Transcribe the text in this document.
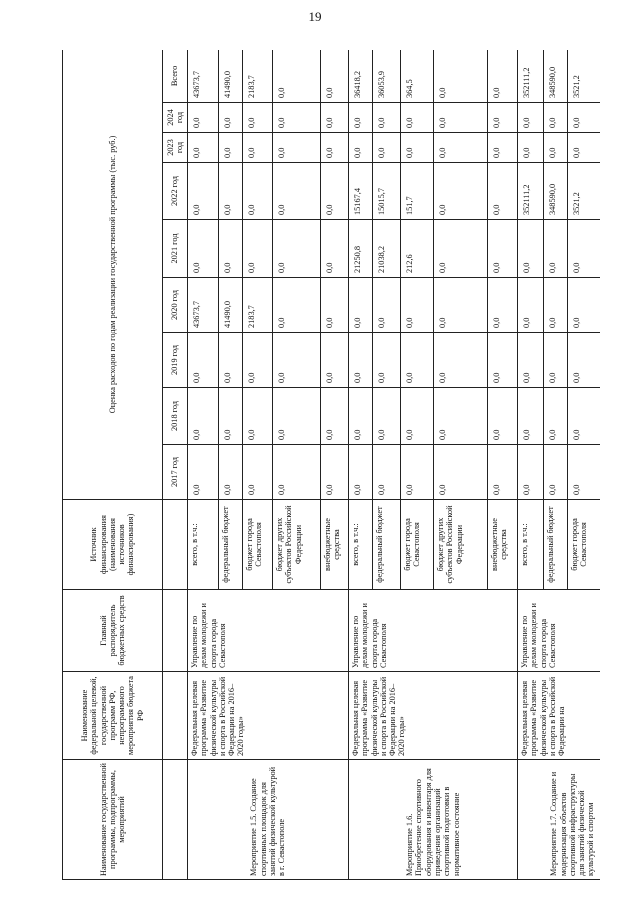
19
Наименование государственной программы, подпрограммы, мероприятий	Наименование федеральной целевой, государственной программ РФ, непрограммного мероприятия бюджета РФ	Главный распорядитель бюджетных средств	Источник финансирования (наименования источников финансирования)	Оценка расходов по годам реализации государственной программы (тыс. руб.)								
				2017 год	2018 год	2019 год	2020 год	2021 год	2022 год	2023 год	2024 год	Всего
Мероприятие 1.5. Создание спортивных площадок для занятий физической культурой в г. Севастополе	Федеральная целевая программа «Развитие физической культуры и спорта в Российской Федерации на 2016–2020 годы»	Управление по делам молодежи и спорта города Севастополя	всего, в т.ч.:	0,0	0,0	0,0	43673,7	0,0	0,0	0,0	0,0	43673,7
			федеральный бюджет	0,0	0,0	0,0	41490,0	0,0	0,0	0,0	0,0	41490,0
			бюджет города Севастополя	0,0	0,0	0,0	2183,7	0,0	0,0	0,0	0,0	2183,7
			бюджет других субъектов Российской Федерации	0,0	0,0	0,0	0,0	0,0	0,0	0,0	0,0	0,0
			внебюджетные средства	0,0	0,0	0,0	0,0	0,0	0,0	0,0	0,0	0,0
Мероприятие 1.6. Приобретение спортивного оборудования и инвентаря для приведения организаций спортивной подготовки в нормативное состояние	Федеральная целевая программа «Развитие физической культуры и спорта в Российской Федерации на 2016–2020 годы»	Управление по делам молодежи и спорта города Севастополя	всего, в т.ч.:	0,0	0,0	0,0	0,0	21250,8	15167,4	0,0	0,0	36418,2
			федеральный бюджет	0,0	0,0	0,0	0,0	21038,2	15015,7	0,0	0,0	36053,9
			бюджет города Севастополя	0,0	0,0	0,0	0,0	212,6	151,7	0,0	0,0	364,5
			бюджет других субъектов Российской Федерации	0,0	0,0	0,0	0,0	0,0	0,0	0,0	0,0	0,0
			внебюджетные средства	0,0	0,0	0,0	0,0	0,0	0,0	0,0	0,0	0,0
Мероприятие 1.7. Создание и модернизация объектов спортивной инфраструктуры для занятий физической культурой и спортом	Федеральная целевая программа «Развитие физической культуры и спорта в Российской Федерации на	Управление по делам молодежи и спорта города Севастополя	всего, в т.ч.:	0,0	0,0	0,0	0,0	0,0	352111,2	0,0	0,0	352111,2
			федеральный бюджет	0,0	0,0	0,0	0,0	0,0	348590,0	0,0	0,0	348590,0
			бюджет города Севастополя	0,0	0,0	0,0	0,0	0,0	3521,2	0,0	0,0	3521,2
